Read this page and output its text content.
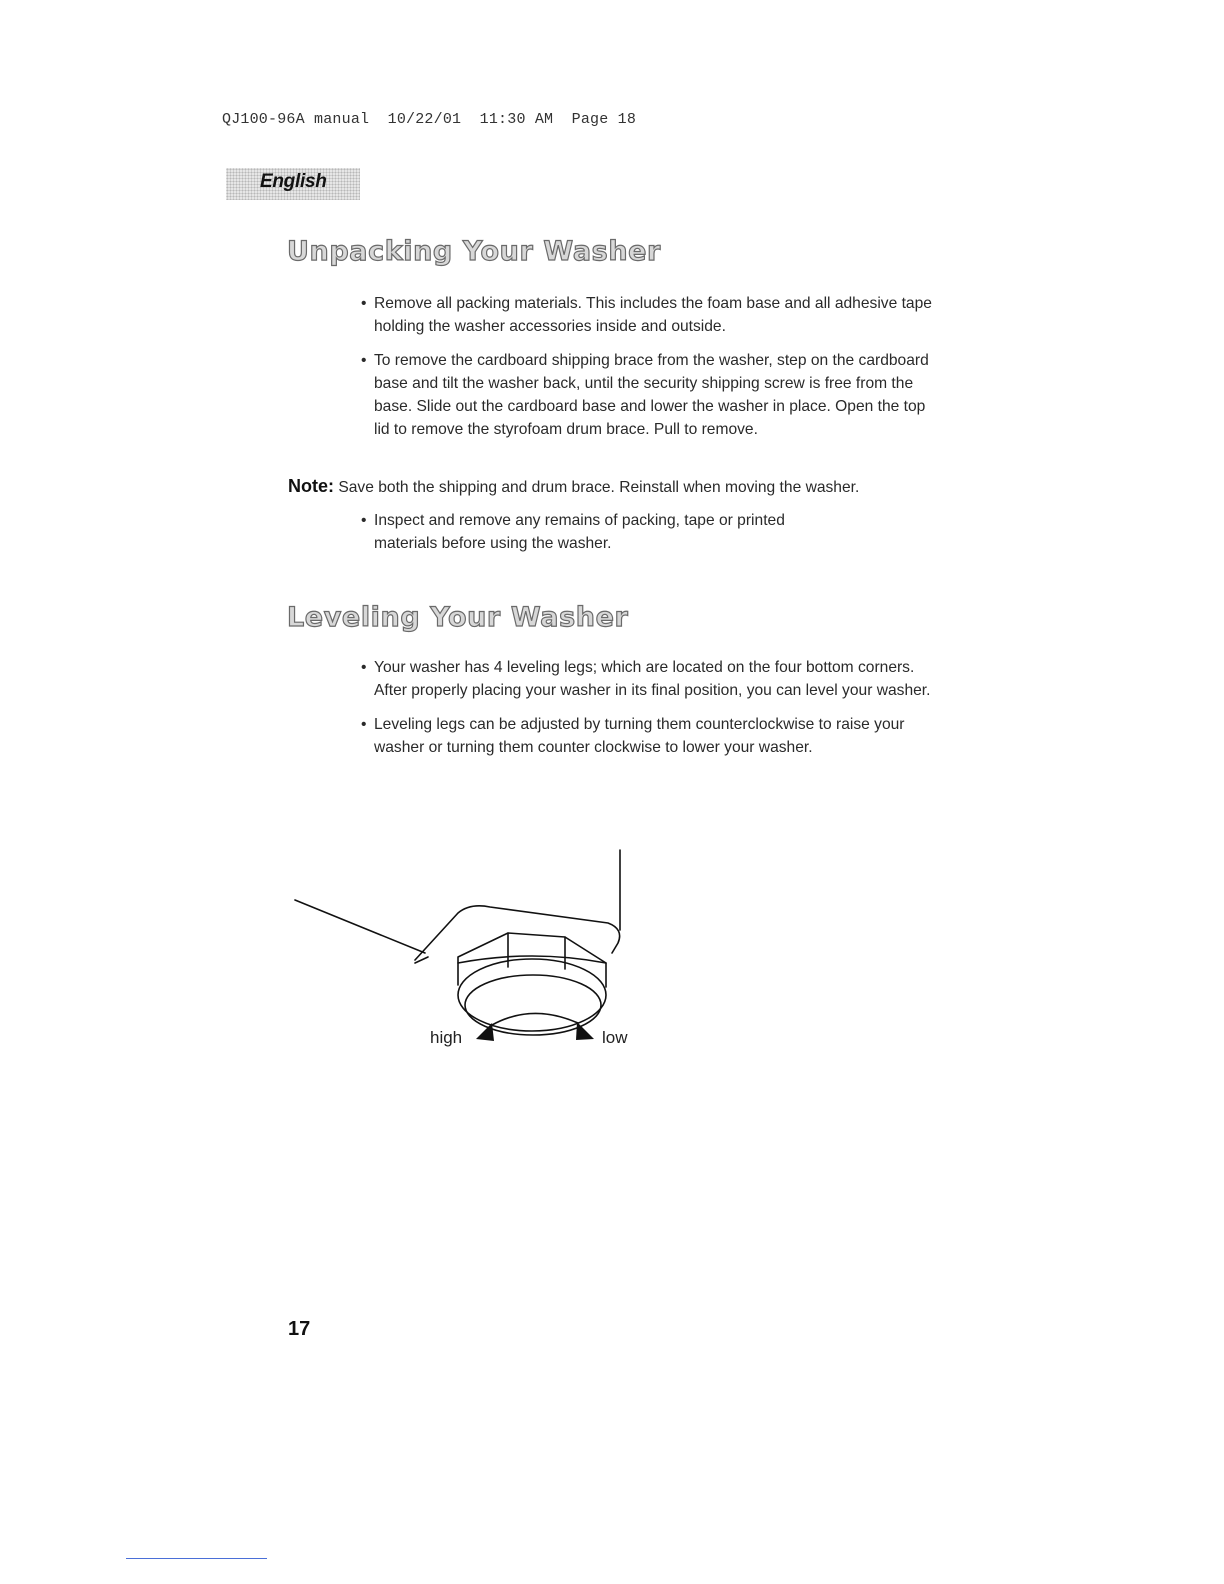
QJ100-96A manual  10/22/01  11:30 AM  Page 18
English
Unpacking Your Washer
• Remove all packing materials. This includes the foam base and all adhesive tape holding the washer accessories inside and outside.
• To remove the cardboard shipping brace from the washer, step on the cardboard base and tilt the washer back, until the security shipping screw is free from the base. Slide out the cardboard base and lower the washer in place. Open the top lid to remove the styrofoam drum brace. Pull to remove.

Note: Save both the shipping and drum brace. Reinstall when moving the washer.

• Inspect and remove any remains of packing, tape or printed materials before using the washer.
Leveling Your Washer
• Your washer has 4 leveling legs; which are located on the four bottom corners. After properly placing your washer in its final position, you can level your washer.
• Leveling legs can be adjusted by turning them counterclockwise to raise your washer or turning them counter clockwise to lower your washer.
high	low

17
